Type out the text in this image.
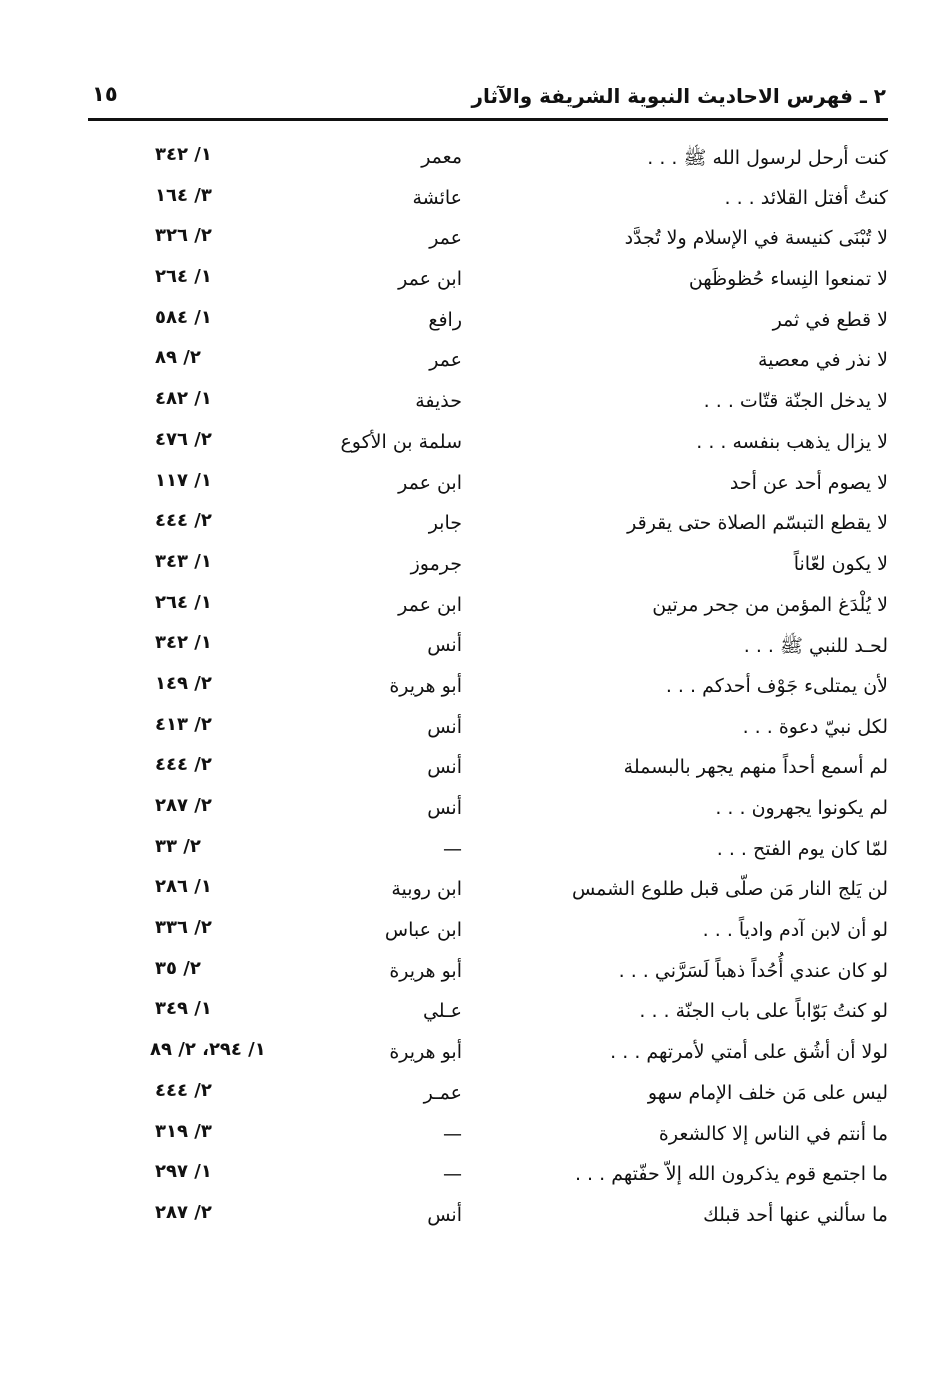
١٥	٢ ـ فهرس الاحاديث النبوية الشريفة والآثار
كنت أرحل لرسول الله ﷺ . . .
معمر
١/ ٣٤٢
كنتُ أفتل القلائد . . .
عائشة
٣/ ١٦٤
لا تُبْنَى كنيسة في الإسلام ولا تُجدَّد
عمر
٢/ ٣٢٦
لا تمنعوا النِساء حُظوظَهن
ابن عمر
١/ ٢٦٤
لا قطع في ثمر
رافع
١/ ٥٨٤
لا نذر في معصية
عمر
٢/ ٨٩
لا يدخل الجنّة قتّات . . .
حذيفة
١/ ٤٨٢
لا يزال يذهب بنفسه . . .
سلمة بن الأكوع
٢/ ٤٧٦
لا يصوم أحد عن أحد
ابن عمر
١/ ١١٧
لا يقطع التبسّم الصلاة حتى يقرقر
جابر
٢/ ٤٤٤
لا يكون لعّاناً
جرموز
١/ ٣٤٣
لا يُلْدَغ المؤمن من جحر مرتين
ابن عمر
١/ ٢٦٤
لحـد للنبي ﷺ . . .
أنس
١/ ٣٤٢
لأن يمتلىء جَوْف أحدكم . . .
أبو هريرة
٢/ ١٤٩
لكل نبيّ دعوة . . .
أنس
٢/ ٤١٣
لم أسمع أحداً منهم يجهر بالبسملة
أنس
٢/ ٤٤٤
لم يكونوا يجهرون . . .
أنس
٢/ ٢٨٧
لمّا كان يوم الفتح . . .
—
٢/ ٣٣
لن يَلج النار مَن صلّى قبل طلوع الشمس
ابن روبية
١/ ٢٨٦
لو أن لابن آدم وادياً . . .
ابن عباس
٢/ ٣٣٦
لو كان عندي أُحُداً ذهباً لَسَرَّني . . .
أبو هريرة
٢/ ٣٥
لو كنتُ بَوّاباً على باب الجنّة . . .
عـلي
١/ ٣٤٩
لولا أن أشُق على أمتي لأمرتهم . . .
أبو هريرة
١/ ٢٩٤، ٢/ ٨٩
ليس على مَن خلف الإمام سهو
عمـر
٢/ ٤٤٤
ما أنتم في الناس إلا كالشعرة
—
٣/ ٣١٩
ما اجتمع قوم يذكرون الله إلاّ حفّتهم . . .
—
١/ ٢٩٧
ما سألني عنها أحد قبلك
أنس
٢/ ٢٨٧
